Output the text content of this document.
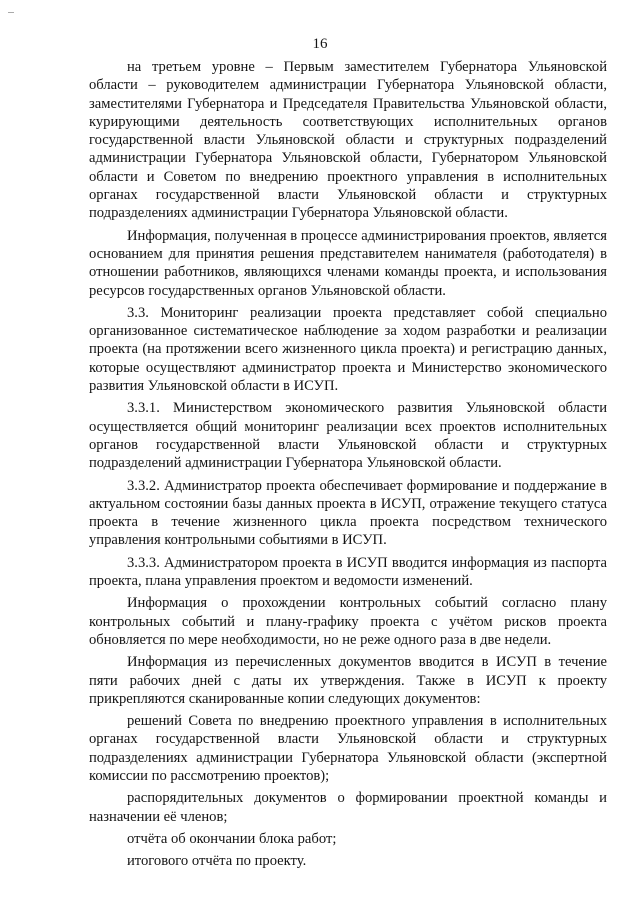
16

на третьем уровне – Первым заместителем Губернатора Ульяновской области – руководителем администрации Губернатора Ульяновской области, заместителями Губернатора и Председателя Правительства Ульяновской области, курирующими деятельность соответствующих исполнительных органов государственной власти Ульяновской области и структурных подразделений администрации Губернатора Ульяновской области, Губернатором Ульяновской области и Советом по внедрению проектного управления в исполнительных органах государственной власти Ульяновской области и структурных подразделениях администрации Губернатора Ульяновской области.

Информация, полученная в процессе администрирования проектов, является основанием для принятия решения представителем нанимателя (работодателя) в отношении работников, являющихся членами команды проекта, и использования ресурсов государственных органов Ульяновской области.

3.3. Мониторинг реализации проекта представляет собой специально организованное систематическое наблюдение за ходом разработки и реализации проекта (на протяжении всего жизненного цикла проекта) и регистрацию данных, которые осуществляют администратор проекта и Министерство экономического развития Ульяновской области в ИСУП.

3.3.1. Министерством экономического развития Ульяновской области осуществляется общий мониторинг реализации всех проектов исполнительных органов государственной власти Ульяновской области и структурных подразделений администрации Губернатора Ульяновской области.

3.3.2. Администратор проекта обеспечивает формирование и поддержание в актуальном состоянии базы данных проекта в ИСУП, отражение текущего статуса проекта в течение жизненного цикла проекта посредством технического управления контрольными событиями в ИСУП.

3.3.3. Администратором проекта в ИСУП вводится информация из паспорта проекта, плана управления проектом и ведомости изменений.

Информация о прохождении контрольных событий согласно плану контрольных событий и плану-графику проекта с учётом рисков проекта обновляется по мере необходимости, но не реже одного раза в две недели.

Информация из перечисленных документов вводится в ИСУП в течение пяти рабочих дней с даты их утверждения. Также в ИСУП к проекту прикрепляются сканированные копии следующих документов:

решений Совета по внедрению проектного управления в исполнительных органах государственной власти Ульяновской области и структурных подразделениях администрации Губернатора Ульяновской области (экспертной комиссии по рассмотрению проектов);

распорядительных документов о формировании проектной команды и назначении её членов;

отчёта об окончании блока работ;

итогового отчёта по проекту.
